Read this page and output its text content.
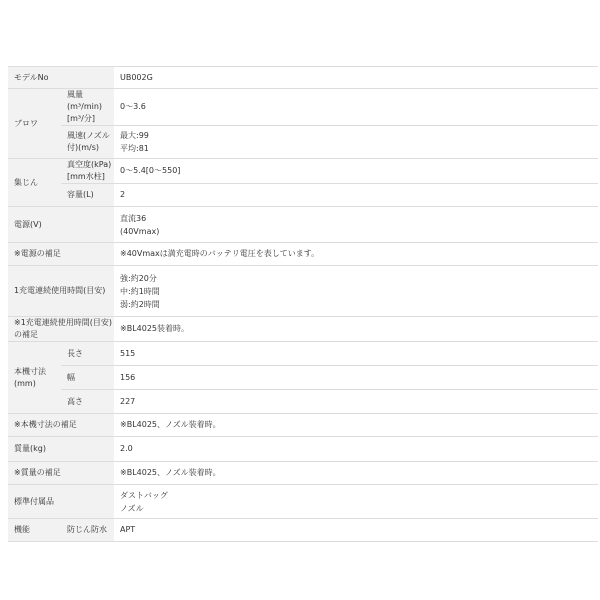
モデルNo		UB002G
ブロワ	風量(m³/min)[m³/分]	0～3.6
	風速(ノズル付)(m/s)	最大:99
平均:81

集じん	真空度(kPa)[mm水柱]	0～5.4[0～550]
	容量(L)	2
電源(V)		直流36
(40Vmax)

※電源の補足		※40Vmaxは満充電時のバッテリ電圧を表しています。
1充電連続使用時間(目安)		強:約20分
中:約1時間
弱:約2時間

※1充電連続使用時間(目安)の補足		※BL4025装着時。
本機寸法(mm)	長さ	515
	幅	156
	高さ	227
※本機寸法の補足		※BL4025、ノズル装着時。
質量(kg)		2.0
※質量の補足		※BL4025、ノズル装着時。
標準付属品		ダストバッグ
ノズル

機能	防じん防水	APT
